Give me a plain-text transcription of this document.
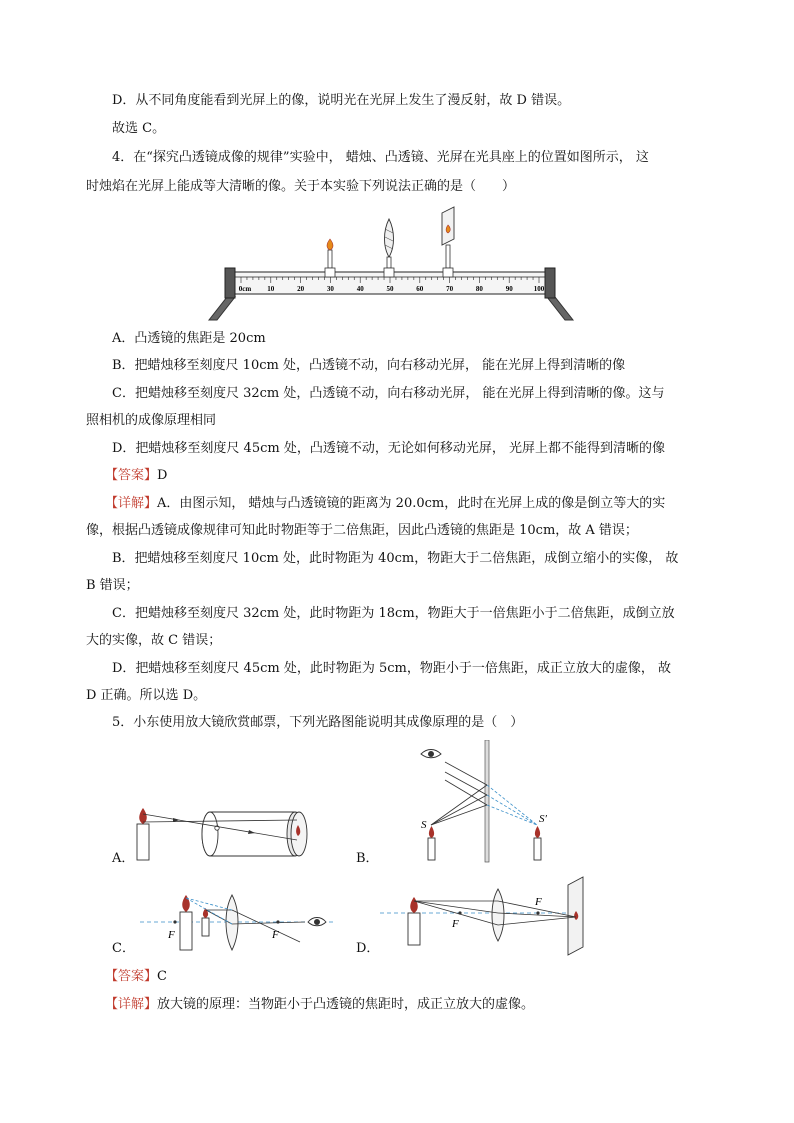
D．从不同角度能看到光屏上的像，说明光在光屏上发生了漫反射，故 D 错误。
故选 C。
4．在“探究凸透镜成像的规律”实验中， 蜡烛、凸透镜、光屏在光具座上的位置如图所示， 这
时烛焰在光屏上能成等大清晰的像。关于本实验下列说法正确的是（　　）
0cm 10	20	30	40	50	60	70	80	90	100
A．凸透镜的焦距是 20cm
B．把蜡烛移至刻度尺 10cm 处，凸透镜不动，向右移动光屏， 能在光屏上得到清晰的像
C．把蜡烛移至刻度尺 32cm 处，凸透镜不动，向右移动光屏， 能在光屏上得到清晰的像。这与
照相机的成像原理相同
D．把蜡烛移至刻度尺 45cm 处，凸透镜不动，无论如何移动光屏， 光屏上都不能得到清晰的像
【答案】D
【详解】A．由图示知， 蜡烛与凸透镜镜的距离为 20.0cm，此时在光屏上成的像是倒立等大的实
像，根据凸透镜成像规律可知此时物距等于二倍焦距，因此凸透镜的焦距是 10cm，故 A 错误；
B．把蜡烛移至刻度尺 10cm 处，此时物距为 40cm，物距大于二倍焦距，成倒立缩小的实像， 故
B 错误；
C．把蜡烛移至刻度尺 32cm 处，此时物距为 18cm，物距大于一倍焦距小于二倍焦距，成倒立放
大的实像，故 C 错误；
D．把蜡烛移至刻度尺 45cm 处，此时物距为 5cm，物距小于一倍焦距，成正立放大的虚像， 故
D 正确。所以选 D。
5．小东使用放大镜欣赏邮票，下列光路图能说明其成像原理的是（　）
A．
S	S′
B．
F	F
C．
F
F
D．
【答案】C
【详解】放大镜的原理：当物距小于凸透镜的焦距时，成正立放大的虚像。
